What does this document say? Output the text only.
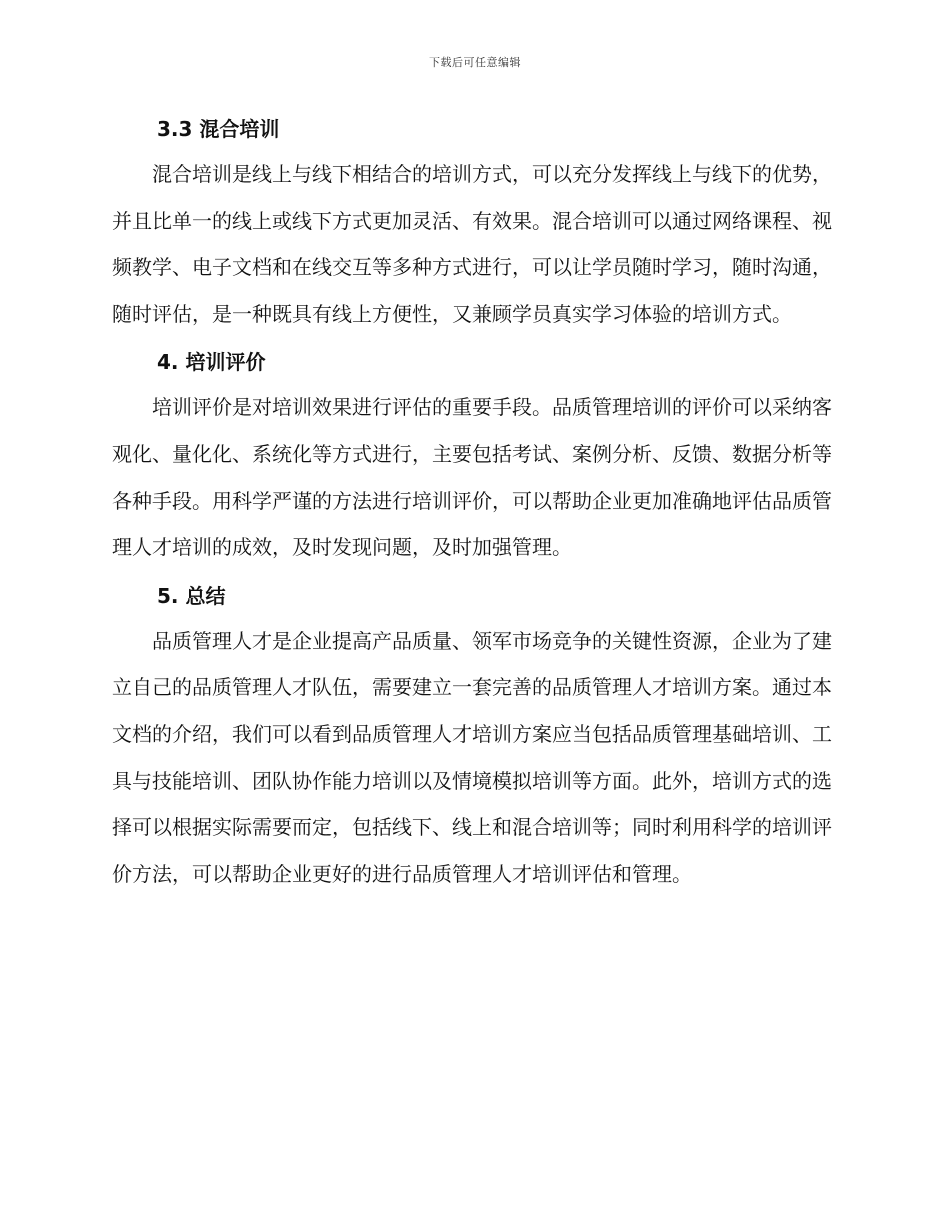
下载后可任意编辑
3.3 混合培训

混合培训是线上与线下相结合的培训方式，可以充分发挥线上与线下的优势，并且比单一的线上或线下方式更加灵活、有效果。混合培训可以通过网络课程、视频教学、电子文档和在线交互等多种方式进行，可以让学员随时学习，随时沟通，随时评估，是一种既具有线上方便性，又兼顾学员真实学习体验的培训方式。

4. 培训评价

培训评价是对培训效果进行评估的重要手段。品质管理培训的评价可以采纳客观化、量化化、系统化等方式进行，主要包括考试、案例分析、反馈、数据分析等各种手段。用科学严谨的方法进行培训评价，可以帮助企业更加准确地评估品质管理人才培训的成效，及时发现问题，及时加强管理。

5. 总结

品质管理人才是企业提高产品质量、领军市场竞争的关键性资源，企业为了建立自己的品质管理人才队伍，需要建立一套完善的品质管理人才培训方案。通过本文档的介绍，我们可以看到品质管理人才培训方案应当包括品质管理基础培训、工具与技能培训、团队协作能力培训以及情境模拟培训等方面。此外，培训方式的选择可以根据实际需要而定，包括线下、线上和混合培训等；同时利用科学的培训评价方法，可以帮助企业更好的进行品质管理人才培训评估和管理。
